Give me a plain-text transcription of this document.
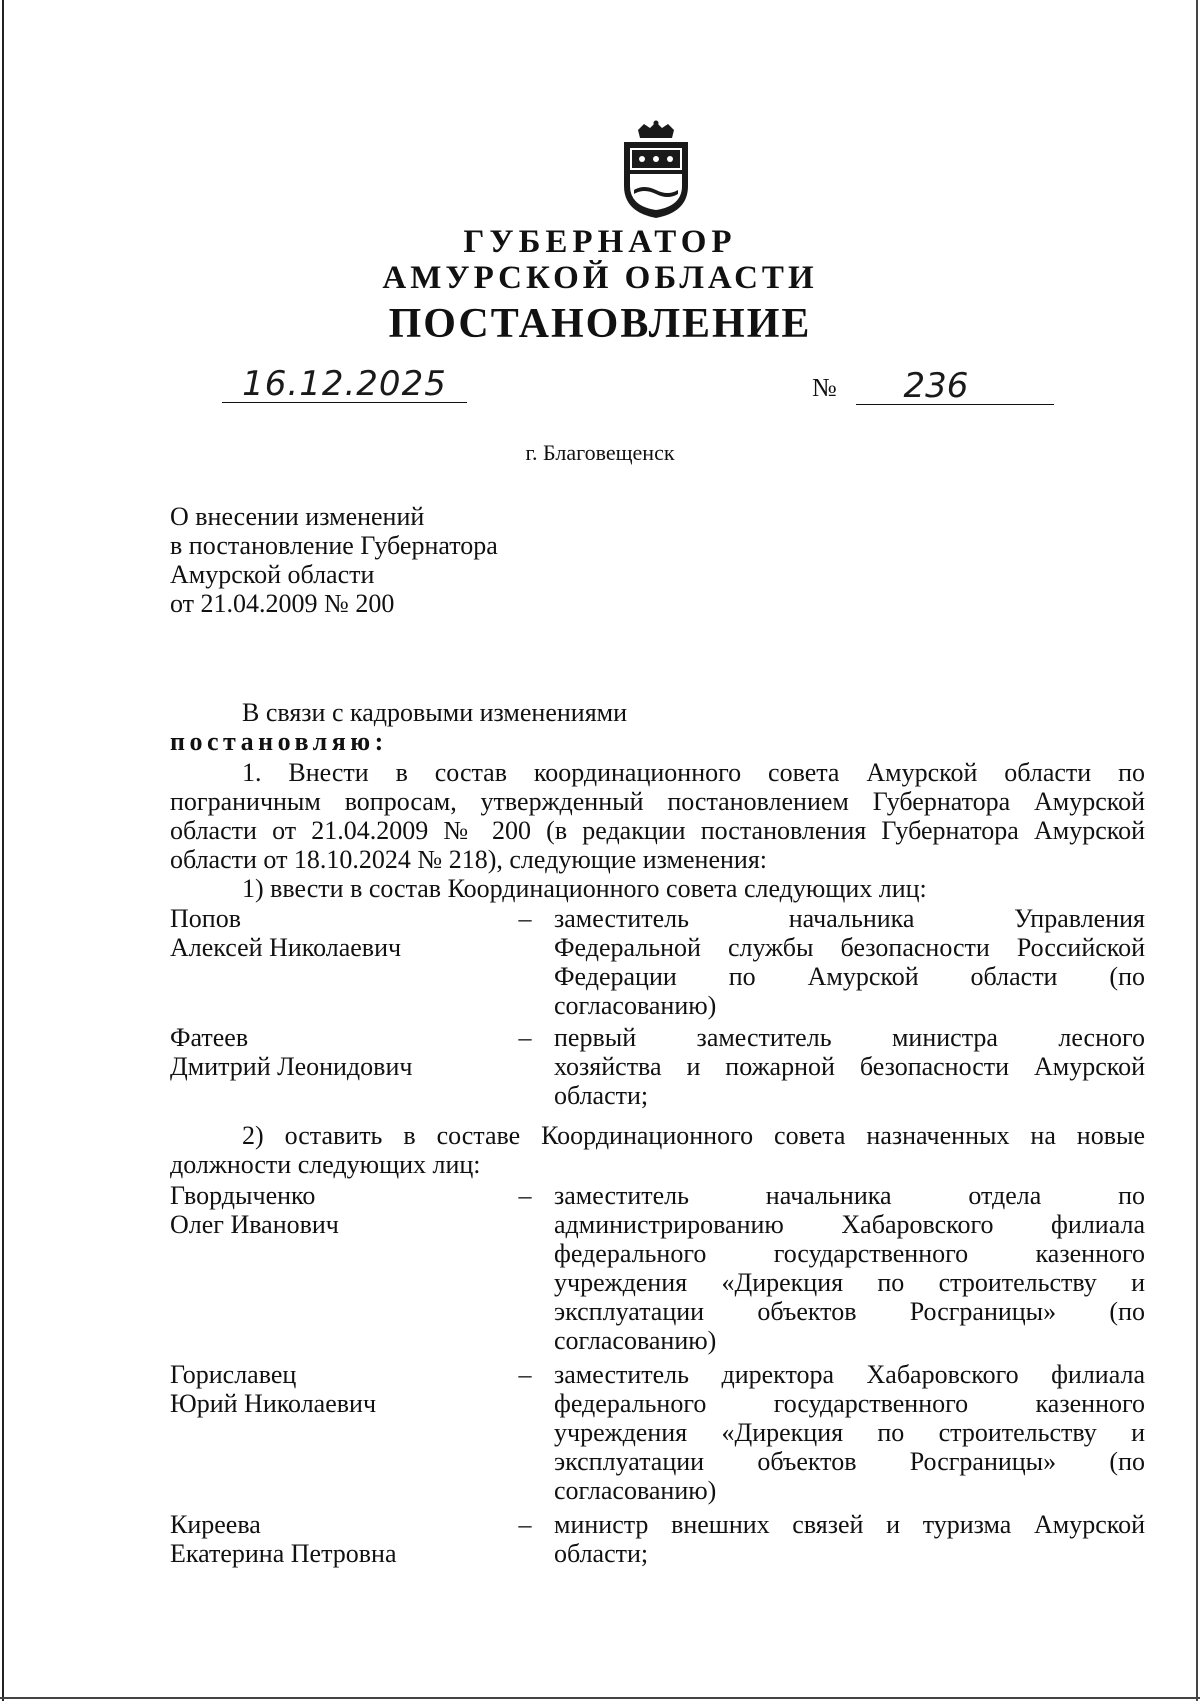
ГУБЕРНАТОР
АМУРСКОЙ ОБЛАСТИ
ПОСТАНОВЛЕНИЕ
16.12.2025	№	236
г. Благовещенск
О внесении изменений
в постановление Губернатора
Амурской области
от 21.04.2009 № 200
В связи с кадровыми изменениями
постановляю:
1. Внести в состав координационного совета Амурской области по
пограничным вопросам, утвержденный постановлением Губернатора Амурской
области от 21.04.2009 № 200 (в редакции постановления Губернатора Амурской
области от 18.10.2024 № 218), следующие изменения:
1) ввести в состав Координационного совета следующих лиц:
Попов
Алексей Николаевич
– заместитель начальника Управления
Федеральной службы безопасности Российской
Федерации по Амурской области (по
согласованию)
Фатеев
Дмитрий Леонидович
– первый заместитель министра лесного
хозяйства и пожарной безопасности Амурской
области;
2) оставить в составе Координационного совета назначенных на новые
должности следующих лиц:
Гвордыченко
Олег Иванович
– заместитель начальника отдела по
администрированию Хабаровского филиала
федерального государственного казенного
учреждения «Дирекция по строительству и
эксплуатации объектов Росграницы» (по
согласованию)
Гориславец
Юрий Николаевич
– заместитель директора Хабаровского филиала
федерального государственного казенного
учреждения «Дирекция по строительству и
эксплуатации объектов Росграницы» (по
согласованию)
Киреева
Екатерина Петровна
– министр внешних связей и туризма Амурской
области;
